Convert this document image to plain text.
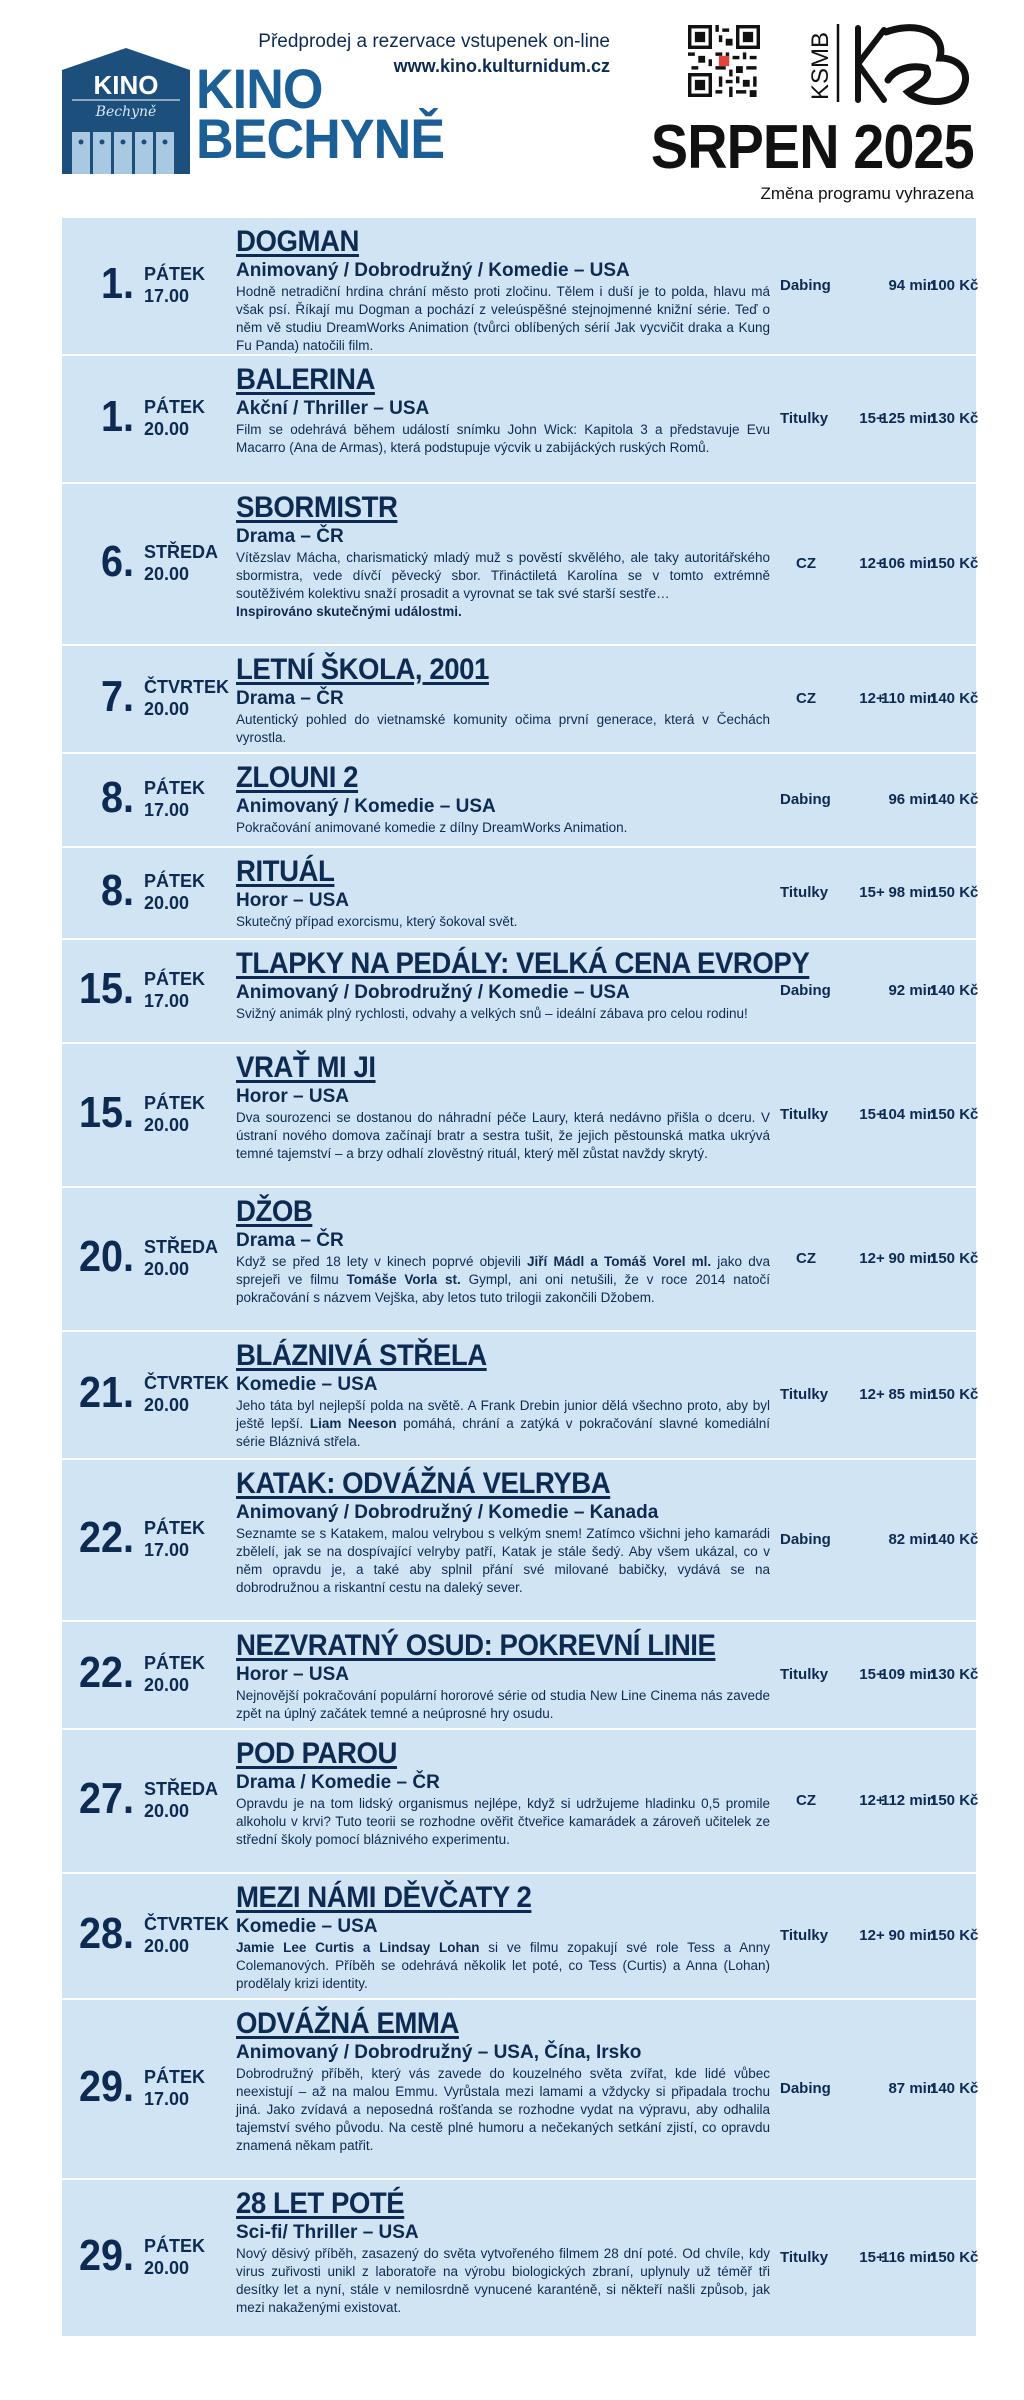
KINO
Bechyně KINO
BECHYNĚ
Předprodej a rezervace vstupenek on-line
www.kino.kulturnidum.cz	KSMB
SRPEN 2025
Změna programu vyhrazena
1. PÁTEK
17.00
DOGMAN
Animovaný / Dobrodružný / Komedie – USA
Hodně netradiční hrdina chrání město proti zločinu. Tělem i duší je to polda, hlavu má však psí. Říkají mu Dogman a pochází z veleúspěšné stejnojmenné knižní série. Teď o něm vě studiu DreamWorks Animation (tvůrci oblíbených sérií Jak vycvičit draka a Kung Fu Panda) natočili film.
Dabing	94 min
100 Kč
1. PÁTEK
20.00
BALERINA
Akční / Thriller – USA
Film se odehrává během událostí snímku John Wick: Kapitola 3 a představuje Evu Macarro (Ana de Armas), která podstupuje výcvik u zabijáckých ruských Romů.
Titulky	15+
125 min
130 Kč
6. STŘEDA
20.00
SBORMISTR
Drama – ČR
Vítězslav Mácha, charismatický mladý muž s pověstí skvělého, ale taky autoritářského sbormistra, vede dívčí pěvecký sbor. Třináctiletá Karolína se v tomto extrémně soutěživém kolektivu snaží prosadit a vyrovnat se tak své starší sestře…
Inspirováno skutečnými událostmi.
CZ	12+
106 min
150 Kč
7. ČTVRTEK
20.00
LETNÍ ŠKOLA, 2001
Drama – ČR
Autentický pohled do vietnamské komunity očima první generace, která v Čechách vyrostla.
CZ	12+
110 min
140 Kč
8. PÁTEK
17.00
ZLOUNI 2
Animovaný / Komedie – USA
Pokračování animované komedie z dílny DreamWorks Animation.
Dabing	96 min
140 Kč
8. PÁTEK
20.00
RITUÁL
Horor – USA
Skutečný případ exorcismu, který šokoval svět.
Titulky	15+ 98 min
150 Kč
15. PÁTEK
17.00
TLAPKY NA PEDÁLY: VELKÁ CENA EVROPY
Animovaný / Dobrodružný / Komedie – USA
Svižný animák plný rychlosti, odvahy a velkých snů – ideální zábava pro celou rodinu!
Dabing	92 min
140 Kč
15. PÁTEK
20.00
VRAŤ MI JI
Horor – USA
Dva sourozenci se dostanou do náhradní péče Laury, která nedávno přišla o dceru. V ústraní nového domova začínají bratr a sestra tušit, že jejich pěstounská matka ukrývá temné tajemství – a brzy odhalí zlověstný rituál, který měl zůstat navždy skrytý.
Titulky	15+
104 min
150 Kč
20. STŘEDA
20.00
DŽOB
Drama – ČR
Když se před 18 lety v kinech poprvé objevili Jiří Mádl a Tomáš Vorel ml. jako dva sprejeři ve filmu Tomáše Vorla st. Gympl, ani oni netušili, že v roce 2014 natočí pokračování s názvem Vejška, aby letos tuto trilogii zakončili Džobem.
CZ	12+ 90 min
150 Kč
21. ČTVRTEK
20.00
BLÁZNIVÁ STŘELA
Komedie – USA
Jeho táta byl nejlepší polda na světě. A Frank Drebin junior dělá všechno proto, aby byl ještě lepší. Liam Neeson pomáhá, chrání a zatýká v pokračování slavné komediální série Bláznivá střela.
Titulky	12+ 85 min
150 Kč
22. PÁTEK
17.00
KATAK: ODVÁŽNÁ VELRYBA
Animovaný / Dobrodružný / Komedie – Kanada
Seznamte se s Katakem, malou velrybou s velkým snem! Zatímco všichni jeho kamarádi zbělelí, jak se na dospívající velryby patří, Katak je stále šedý. Aby všem ukázal, co v něm opravdu je, a také aby splnil přání své milované babičky, vydává se na dobrodružnou a riskantní cestu na daleký sever.
Dabing	82 min
140 Kč
22. PÁTEK
20.00
NEZVRATNÝ OSUD: POKREVNÍ LINIE
Horor – USA
Nejnovější pokračování populární hororové série od studia New Line Cinema nás zavede zpět na úplný začátek temné a neúprosné hry osudu.
Titulky	15+
109 min
130 Kč
27. STŘEDA
20.00
POD PAROU
Drama / Komedie – ČR
Opravdu je na tom lidský organismus nejlépe, když si udržujeme hladinku 0,5 promile alkoholu v krvi? Tuto teorii se rozhodne ověřit čtveřice kamarádek a zároveň učitelek ze střední školy pomocí bláznivého experimentu.
CZ	12+
112 min
150 Kč
28. ČTVRTEK
20.00
MEZI NÁMI DĚVČATY 2
Komedie – USA
Jamie Lee Curtis a Lindsay Lohan si ve filmu zopakují své role Tess a Anny Colemanových. Příběh se odehrává několik let poté, co Tess (Curtis) a Anna (Lohan) prodělaly krizi identity.
Titulky	12+ 90 min
150 Kč
29. PÁTEK
17.00
ODVÁŽNÁ EMMA
Animovaný / Dobrodružný – USA, Čína, Irsko
Dobrodružný příběh, který vás zavede do kouzelného světa zvířat, kde lidé vůbec neexistují – až na malou Emmu. Vyrůstala mezi lamami a vždycky si připadala trochu jiná. Jako zvídavá a neposedná rošťanda se rozhodne vydat na výpravu, aby odhalila tajemství svého původu. Na cestě plné humoru a nečekaných setkání zjistí, co opravdu znamená někam patřit.
Dabing	87 min
140 Kč
29. PÁTEK
20.00
28 LET POTÉ
Sci-fi/ Thriller – USA
Nový děsivý příběh, zasazený do světa vytvořeného filmem 28 dní poté. Od chvíle, kdy virus zuřivosti unikl z laboratoře na výrobu biologických zbraní, uplynuly už téměř tři desítky let a nyní, stále v nemilosrdně vynucené karanténě, si někteří našli způsob, jak mezi nakaženými existovat.
Titulky	15+
116 min
150 Kč
